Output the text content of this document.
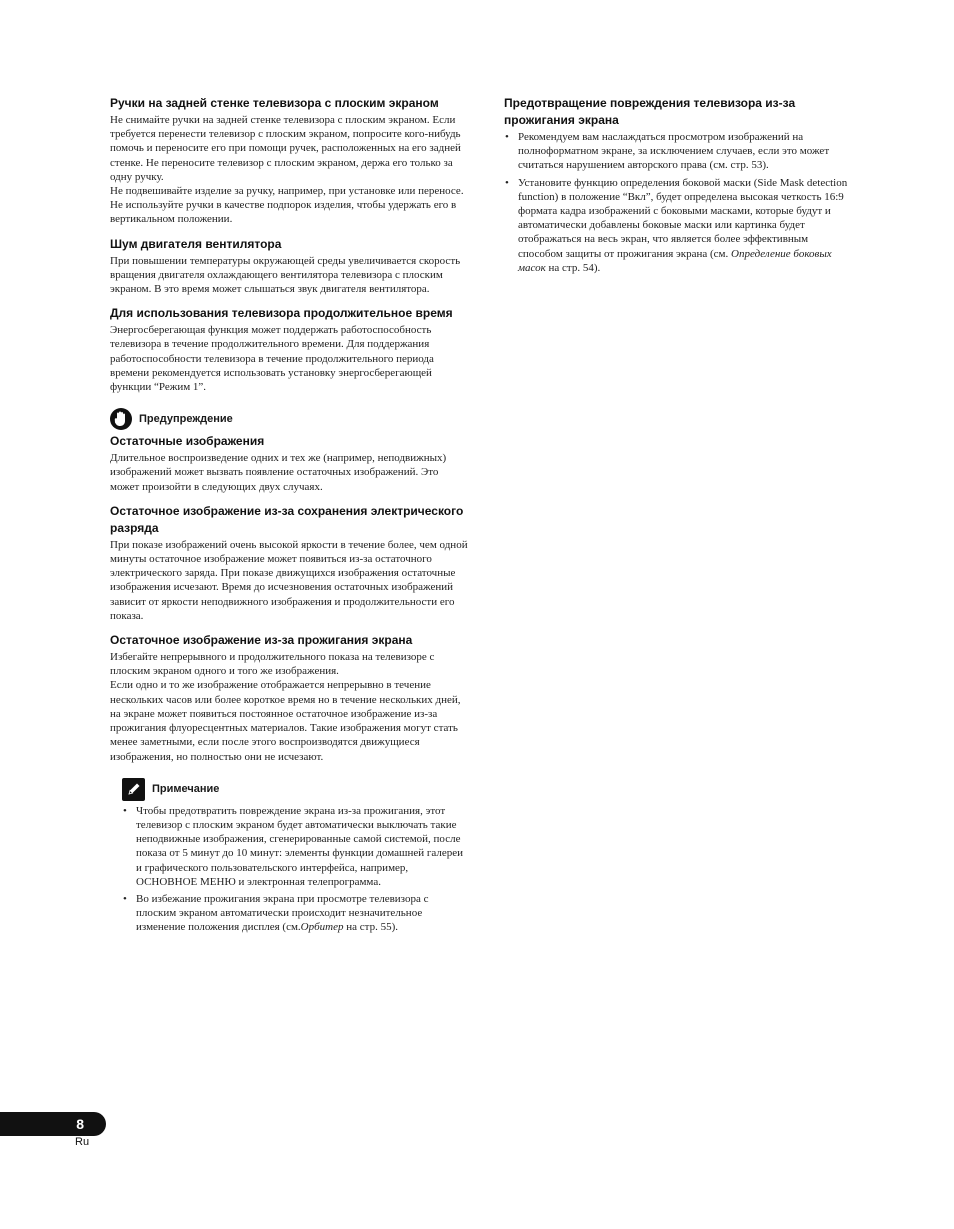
Ручки на задней стенке телевизора с плоским экраном

Не снимайте ручки на задней стенке телевизора с плоским экраном. Если требуется перенести телевизор с плоским экраном, попросите кого-нибудь помочь и переносите его при помощи ручек, расположенных на его задней стенке. Не переносите телевизор с плоским экраном, держа его только за одну ручку.

Не подвешивайте изделие за ручку, например, при установке или переносе. Не используйте ручки в качестве подпорок изделия, чтобы удержать его в вертикальном положении.

Шум двигателя вентилятора

При повышении температуры окружающей среды увеличивается скорость вращения двигателя охлаждающего вентилятора телевизора с плоским экраном. В это время может слышаться звук двигателя вентилятора.

Для использования телевизора продолжительное время

Энергосберегающая функция может поддержать работоспособность телевизора в течение продолжительного времени. Для поддержания работоспособности телевизора в течение продолжительного периода времени рекомендуется использовать установку энергосберегающей функции “Режим 1”.

Предупреждение
Остаточные изображения

Длительное воспроизведение одних и тех же (например, неподвижных) изображений может вызвать появление остаточных изображений. Это может произойти в следующих двух случаях.

Остаточное изображение из-за сохранения электрического разряда

При показе изображений очень высокой яркости в течение более, чем одной минуты остаточное изображение может появиться из-за остаточного электрического заряда. При показе движущихся изображения остаточные изображения исчезают. Время до исчезновения остаточных изображений зависит от яркости неподвижного изображения и продолжительности его показа.

Остаточное изображение из-за прожигания экрана

Избегайте непрерывного и продолжительного показа на телевизоре с плоским экраном одного и того же изображения.

Если одно и то же изображение отображается непрерывно в течение нескольких часов или более короткое время но в течение нескольких дней, на экране может появиться постоянное остаточное изображение из-за прожигания флуоресцентных материалов. Такие изображения могут стать менее заметными, если после этого воспроизводятся движущиеся изображения, но полностью они не исчезают.

Примечание
• Чтобы предотвратить повреждение экрана из-за прожигания, этот телевизор с плоским экраном будет автоматически выключать такие неподвижные изображения, сгенерированные самой системой, после показа от 5 минут до 10 минут: элементы функции домашней галереи и графического пользовательского интерфейса, например, ОСНОВНОЕ МЕНЮ и электронная телепрограмма.
• Во избежание прожигания экрана при просмотре телевизора с плоским экраном автоматически происходит незначительное изменение положения дисплея (см.Орбитер на стр. 55).
Предотвращение повреждения телевизора из-за прожигания экрана
• Рекомендуем вам наслаждаться просмотром изображений на полноформатном экране, за исключением случаев, если это может считаться нарушением авторского права (см. стр. 53).
• Установите функцию определения боковой маски (Side Mask detection function) в положение “Вкл”, будет определена высокая четкость 16:9 формата кадра изображений с боковыми масками, которые будут и автоматически добавлены боковые маски или картинка будет отображаться на весь экран, что является более эффективным способом защиты от прожигания экрана (см. Определение боковых масок на стр. 54).
8
Ru
